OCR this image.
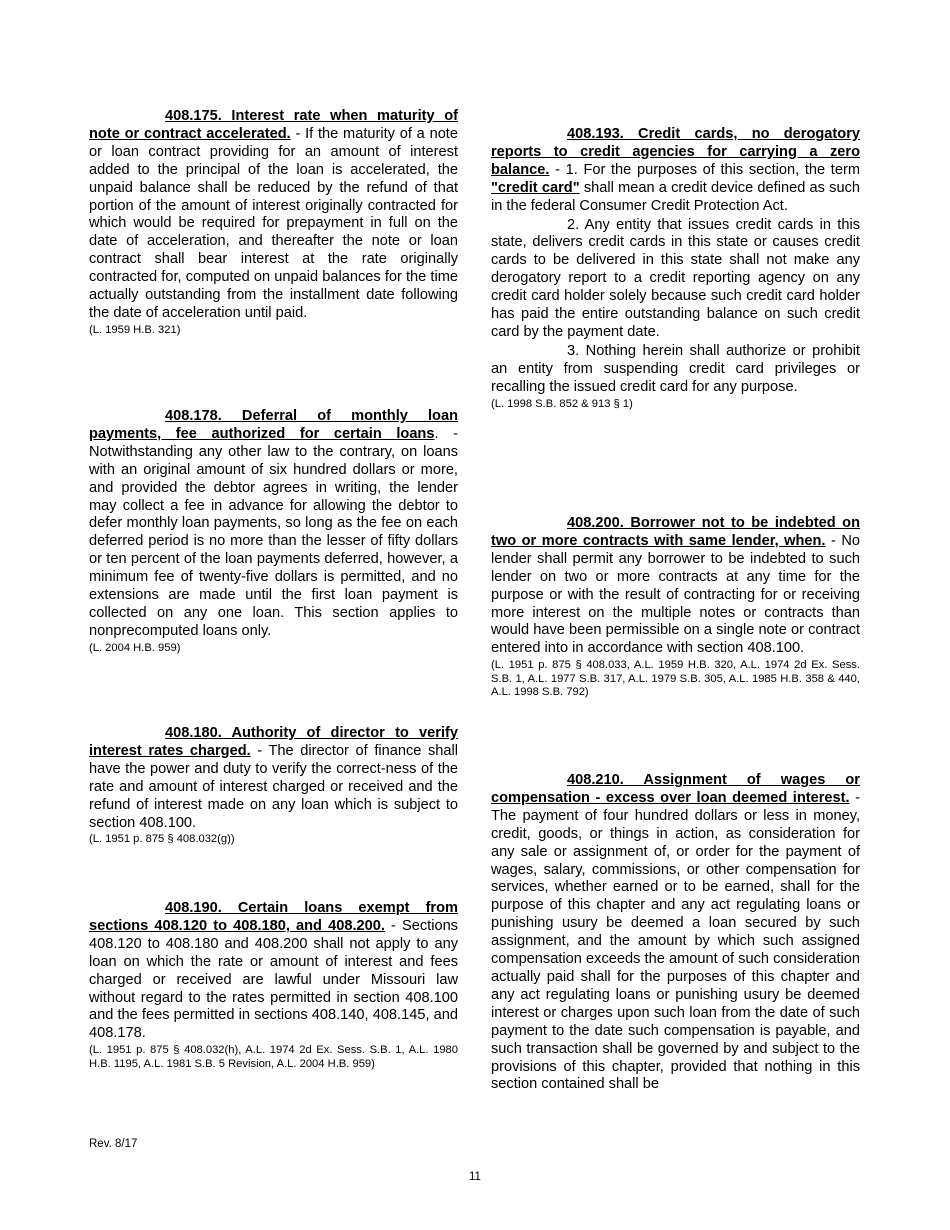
408.175. Interest rate when maturity of note or contract accelerated. - If the maturity of a note or loan contract providing for an amount of interest added to the principal of the loan is accelerated, the unpaid balance shall be reduced by the refund of that portion of the amount of interest originally contracted for which would be required for prepayment in full on the date of acceleration, and thereafter the note or loan contract shall bear interest at the rate originally contracted for, computed on unpaid balances for the time actually outstanding from the installment date following the date of acceleration until paid.

(L. 1959 H.B. 321)

408.178. Deferral of monthly loan payments, fee authorized for certain loans. - Notwithstanding any other law to the contrary, on loans with an original amount of six hundred dollars or more, and provided the debtor agrees in writing, the lender may collect a fee in advance for allowing the debtor to defer monthly loan payments, so long as the fee on each deferred period is no more than the lesser of fifty dollars or ten percent of the loan payments deferred, however, a minimum fee of twenty-five dollars is permitted, and no extensions are made until the first loan payment is collected on any one loan. This section applies to nonprecomputed loans only.

(L. 2004 H.B. 959)

408.180. Authority of director to verify interest rates charged. - The director of finance shall have the power and duty to verify the correct-ness of the rate and amount of interest charged or received and the refund of interest made on any loan which is subject to section 408.100.

(L. 1951 p. 875 § 408.032(g))

408.190. Certain loans exempt from sections 408.120 to 408.180, and 408.200. - Sections 408.120 to 408.180 and 408.200 shall not apply to any loan on which the rate or amount of interest and fees charged or received are lawful under Missouri law without regard to the rates permitted in section 408.100 and the fees permitted in sections 408.140, 408.145, and 408.178.

(L. 1951 p. 875 § 408.032(h), A.L. 1974 2d Ex. Sess. S.B. 1, A.L. 1980 H.B. 1195, A.L. 1981 S.B. 5 Revision, A.L. 2004 H.B. 959)

408.193. Credit cards, no derogatory reports to credit agencies for carrying a zero balance. - 1. For the purposes of this section, the term "credit card" shall mean a credit device defined as such in the federal Consumer Credit Protection Act.

2. Any entity that issues credit cards in this state, delivers credit cards in this state or causes credit cards to be delivered in this state shall not make any derogatory report to a credit reporting agency on any credit card holder solely because such credit card holder has paid the entire outstanding balance on such credit card by the payment date.

3. Nothing herein shall authorize or prohibit an entity from suspending credit card privileges or recalling the issued credit card for any purpose.

(L. 1998 S.B. 852 & 913 § 1)

408.200. Borrower not to be indebted on two or more contracts with same lender, when. - No lender shall permit any borrower to be indebted to such lender on two or more contracts at any time for the purpose or with the result of contracting for or receiving more interest on the multiple notes or contracts than would have been permissible on a single note or contract entered into in accordance with section 408.100.

(L. 1951 p. 875 § 408.033, A.L. 1959 H.B. 320, A.L. 1974 2d Ex. Sess. S.B. 1, A.L. 1977 S.B. 317, A.L. 1979 S.B. 305, A.L. 1985 H.B. 358 & 440, A.L. 1998 S.B. 792)

408.210. Assignment of wages or compensation - excess over loan deemed interest. - The payment of four hundred dollars or less in money, credit, goods, or things in action, as consideration for any sale or assignment of, or order for the payment of wages, salary, commissions, or other compensation for services, whether earned or to be earned, shall for the purpose of this chapter and any act regulating loans or punishing usury be deemed a loan secured by such assignment, and the amount by which such assigned compensation exceeds the amount of such consideration actually paid shall for the purposes of this chapter and any act regulating loans or punishing usury be deemed interest or charges upon such loan from the date of such payment to the date such compensation is payable, and such transaction shall be governed by and subject to the provisions of this chapter, provided that nothing in this section contained shall be

Rev. 8/17
11
